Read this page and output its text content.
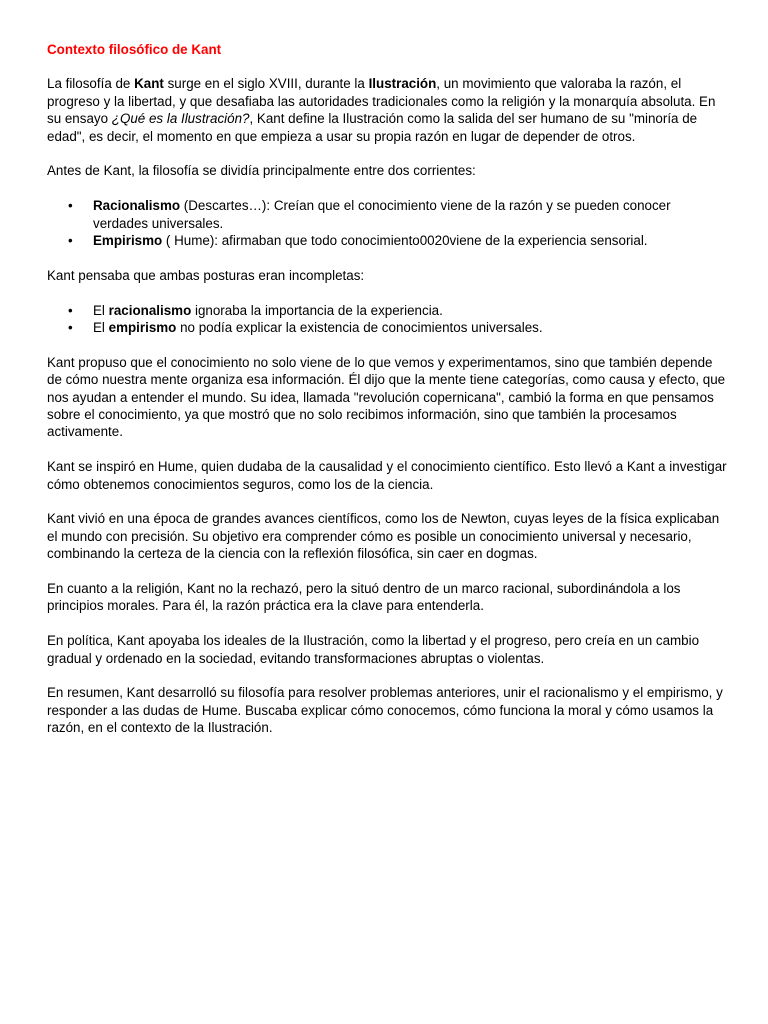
Contexto filosófico de Kant

La filosofía de Kant surge en el siglo XVIII, durante la Ilustración, un movimiento que valoraba la razón, el progreso y la libertad, y que desafiaba las autoridades tradicionales como la religión y la monarquía absoluta. En su ensayo ¿Qué es la Ilustración?, Kant define la Ilustración como la salida del ser humano de su "minoría de edad", es decir, el momento en que empieza a usar su propia razón en lugar de depender de otros.

Antes de Kant, la filosofía se dividía principalmente entre dos corrientes:

• Racionalismo (Descartes…): Creían que el conocimiento viene de la razón y se pueden conocer verdades universales.
• Empirismo ( Hume): afirmaban que todo conocimiento0020viene de la experiencia sensorial.

Kant pensaba que ambas posturas eran incompletas:

• El racionalismo ignoraba la importancia de la experiencia.
• El empirismo no podía explicar la existencia de conocimientos universales.

Kant propuso que el conocimiento no solo viene de lo que vemos y experimentamos, sino que también depende de cómo nuestra mente organiza esa información. Él dijo que la mente tiene categorías, como causa y efecto, que nos ayudan a entender el mundo. Su idea, llamada "revolución copernicana", cambió la forma en que pensamos sobre el conocimiento, ya que mostró que no solo recibimos información, sino que también la procesamos activamente.

Kant se inspiró en Hume, quien dudaba de la causalidad y el conocimiento científico. Esto llevó a Kant a investigar cómo obtenemos conocimientos seguros, como los de la ciencia.

Kant vivió en una época de grandes avances científicos, como los de Newton, cuyas leyes de la física explicaban el mundo con precisión. Su objetivo era comprender cómo es posible un conocimiento universal y necesario, combinando la certeza de la ciencia con la reflexión filosófica, sin caer en dogmas.

En cuanto a la religión, Kant no la rechazó, pero la situó dentro de un marco racional, subordinándola a los principios morales. Para él, la razón práctica era la clave para entenderla.

En política, Kant apoyaba los ideales de la Ilustración, como la libertad y el progreso, pero creía en un cambio gradual y ordenado en la sociedad, evitando transformaciones abruptas o violentas.

En resumen, Kant desarrolló su filosofía para resolver problemas anteriores, unir el racionalismo y el empirismo, y responder a las dudas de Hume. Buscaba explicar cómo conocemos, cómo funciona la moral y cómo usamos la razón, en el contexto de la Ilustración.
